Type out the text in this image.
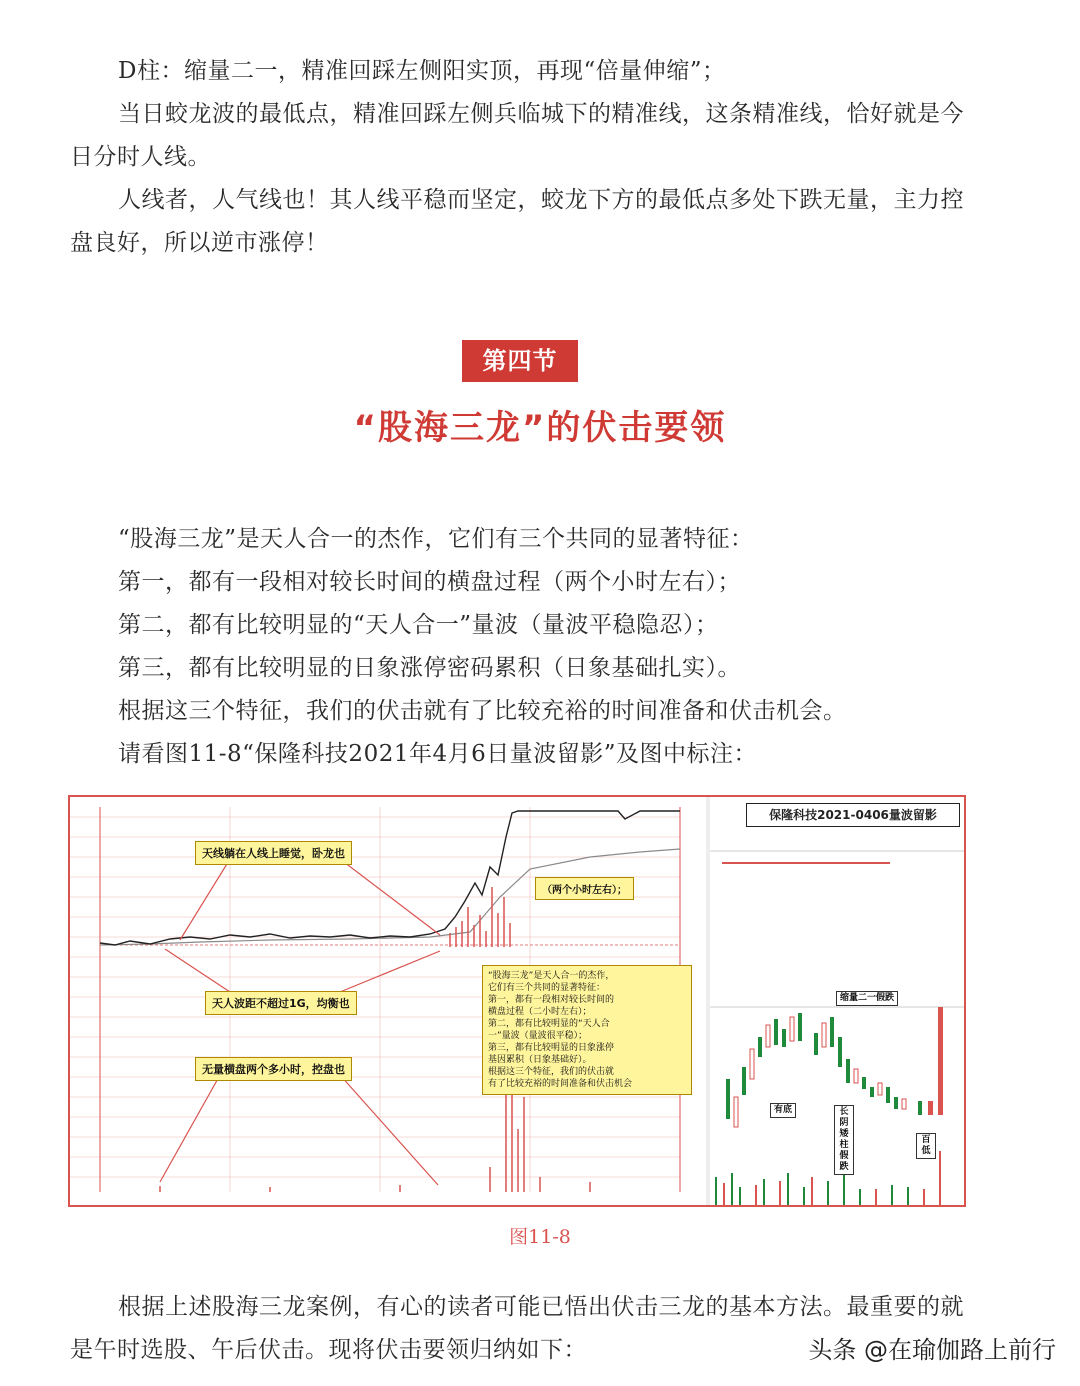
D柱：缩量二一，精准回踩左侧阳实顶，再现“倍量伸缩”；

当日蛟龙波的最低点，精准回踩左侧兵临城下的精准线，这条精准线，恰好就是今日分时人线。

人线者，人气线也！其人线平稳而坚定，蛟龙下方的最低点多处下跌无量，主力控盘良好，所以逆市涨停！

第四节
“股海三龙”的伏击要领

“股海三龙”是天人合一的杰作，它们有三个共同的显著特征：

第一，都有一段相对较长时间的横盘过程（两个小时左右）；

第二，都有比较明显的“天人合一”量波（量波平稳隐忍）；

第三，都有比较明显的日象涨停密码累积（日象基础扎实）。

根据这三个特征，我们的伏击就有了比较充裕的时间准备和伏击机会。

请看图11-8“保隆科技2021年4月6日量波留影”及图中标注：

保隆科技2021-0406量波留影
天线躺在人线上睡觉，卧龙也
天人波距不超过1G，均衡也
无量横盘两个多小时，控盘也
（两个小时左右）；
“股海三龙”是天人合一的杰作，
它们有三个共同的显著特征：
第一，都有一段相对较长时间的
横盘过程（二小时左右）；
第二，都有比较明显的“天人合
一”量波（量波很平稳）；
第三，都有比较明显的日象涨停
基因累积（日象基础好）。
根据这三个特征，我们的伏击就
有了比较充裕的时间准备和伏击机会
缩量二一假跌
有底	长阴矮柱假跌
百低
图11-8

根据上述股海三龙案例，有心的读者可能已悟出伏击三龙的基本方法。最重要的就是午时选股、午后伏击。现将伏击要领归纳如下：	头条 @在瑜伽路上前行
